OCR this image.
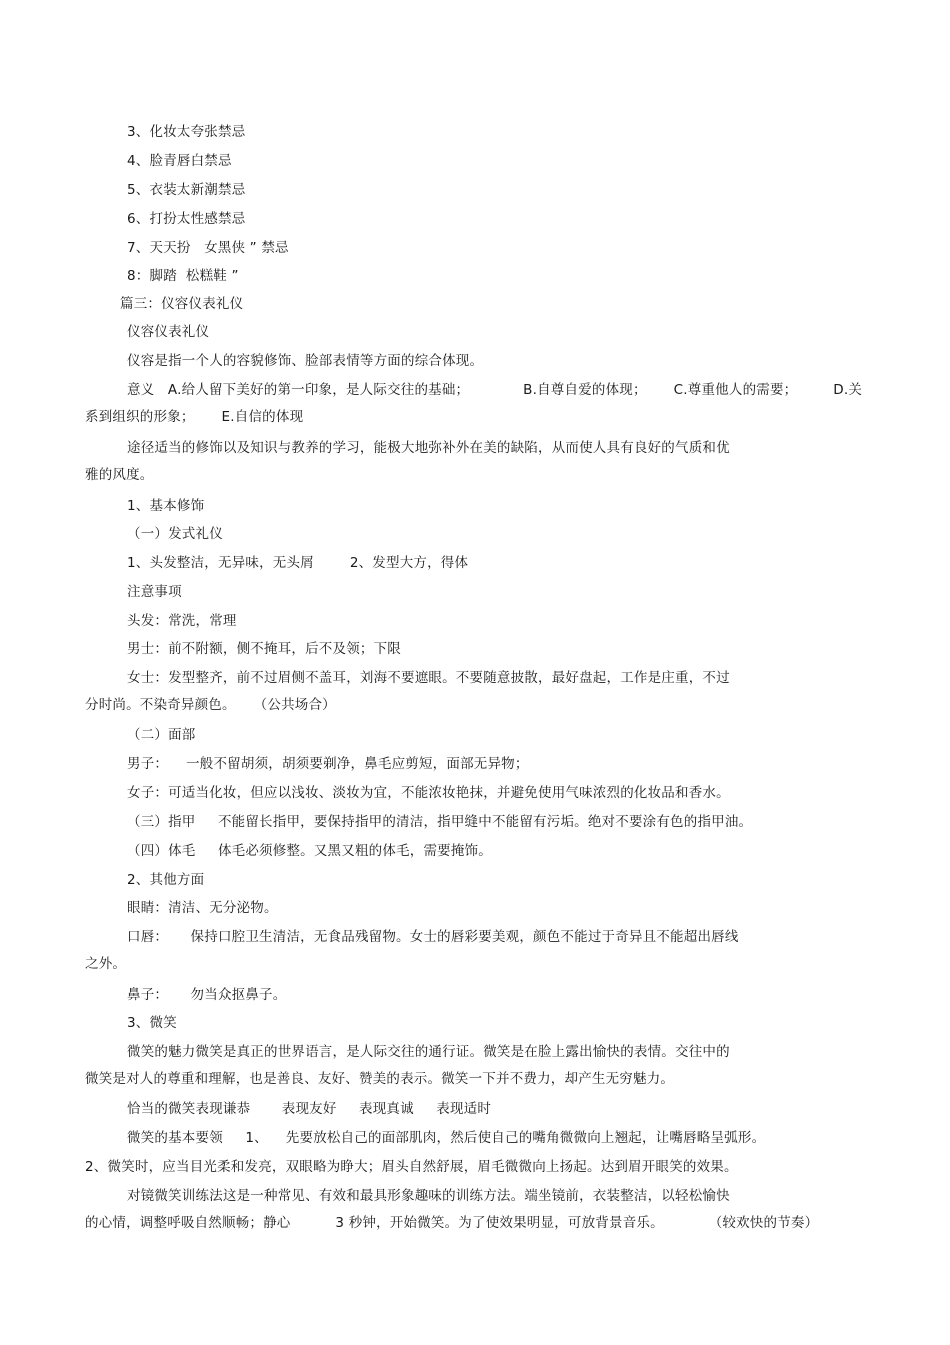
3、化妆太夸张禁忌
4、脸青唇白禁忌
5、衣装太新潮禁忌
6、打扮太性感禁忌
7、天天扮   女黑侠 ” 禁忌
8：脚踏  松糕鞋 ”
篇三：仪容仪表礼仪
仪容仪表礼仪
仪容是指一个人的容貌修饰、脸部表情等方面的综合体现。
意义   A.给人留下美好的第一印象，是人际交往的基础；            B.自尊自爱的体现；      C.尊重他人的需要；        D.关
系到组织的形象；      E.自信的体现
途径适当的修饰以及知识与教养的学习，能极大地弥补外在美的缺陷，从而使人具有良好的气质和优
雅的风度。
1、基本修饰
（一）发式礼仪
1、头发整洁，无异味，无头屑        2、发型大方，得体
注意事项
头发：常洗，常理
男士：前不附额，侧不掩耳，后不及领；下限
女士：发型整齐，前不过眉侧不盖耳，刘海不要遮眼。不要随意披散，最好盘起，工作是庄重，不过
分时尚。不染奇异颜色。    （公共场合）
（二）面部
男子：    一般不留胡须，胡须要剃净，鼻毛应剪短，面部无异物；
女子：可适当化妆，但应以浅妆、淡妆为宜，不能浓妆艳抹，并避免使用气味浓烈的化妆品和香水。
（三）指甲     不能留长指甲，要保持指甲的清洁，指甲缝中不能留有污垢。绝对不要涂有色的指甲油。
（四）体毛     体毛必须修整。又黑又粗的体毛，需要掩饰。
2、其他方面
眼睛：清洁、无分泌物。
口唇：     保持口腔卫生清洁，无食品残留物。女士的唇彩要美观，颜色不能过于奇异且不能超出唇线
之外。
鼻子：     勿当众抠鼻子。
3、微笑
微笑的魅力微笑是真正的世界语言，是人际交往的通行证。微笑是在脸上露出愉快的表情。交往中的
微笑是对人的尊重和理解，也是善良、友好、赞美的表示。微笑一下并不费力，却产生无穷魅力。
恰当的微笑表现谦恭       表现友好     表现真诚     表现适时
微笑的基本要领     1、    先要放松自己的面部肌肉，然后使自己的嘴角微微向上翘起，让嘴唇略呈弧形。
2、微笑时，应当目光柔和发亮，双眼略为睁大；眉头自然舒展，眉毛微微向上扬起。达到眉开眼笑的效果。
对镜微笑训练法这是一种常见、有效和最具形象趣味的训练方法。端坐镜前，衣装整洁，以轻松愉快
的心情，调整呼吸自然顺畅；静心          3 秒钟，开始微笑。为了使效果明显，可放背景音乐。          （较欢快的节奏）
